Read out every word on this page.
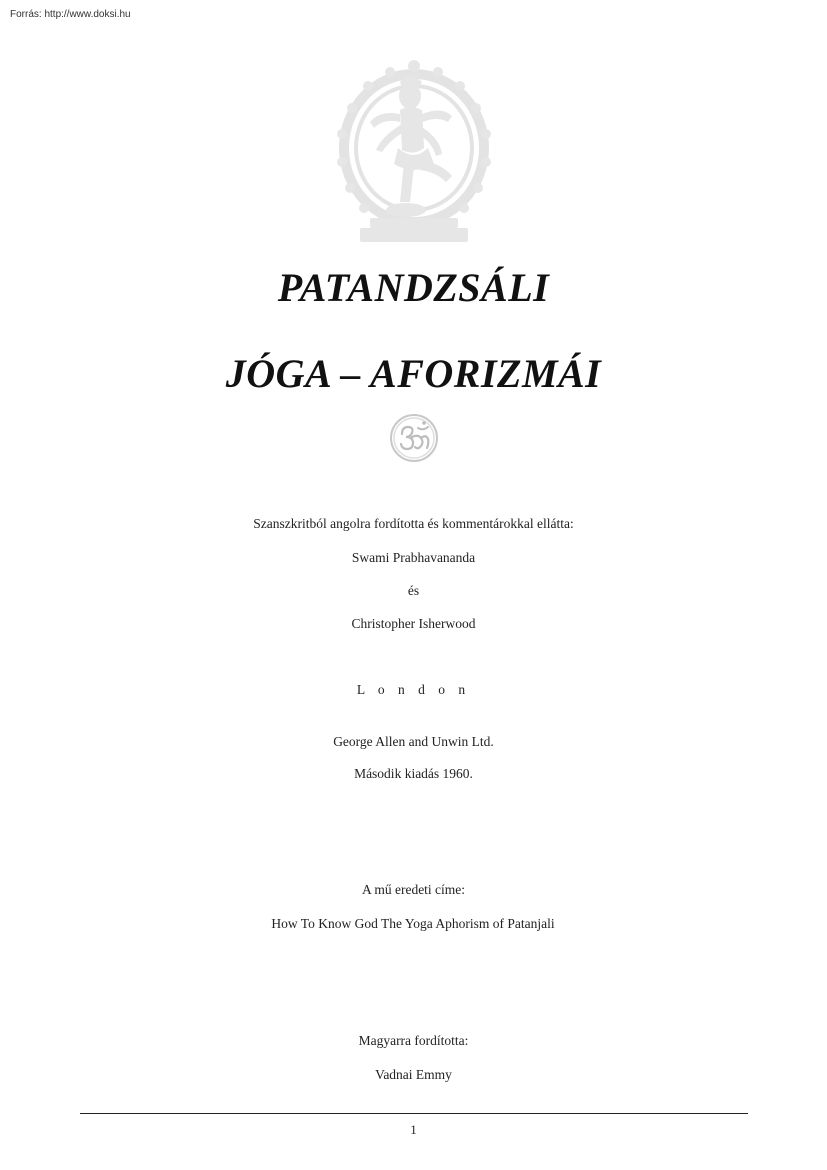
Forrás: http://www.doksi.hu
PATANDZSÁLI
JÓGA – AFORIZMÁI
Szanszkritból angolra fordította és kommentárokkal ellátta:
Swami Prabhavananda
és
Christopher Isherwood
L o n d o n
George Allen and Unwin Ltd.
Második kiadás 1960.
A mű eredeti címe:
How To Know God The Yoga Aphorism of Patanjali
Magyarra fordította:
Vadnai Emmy
1
